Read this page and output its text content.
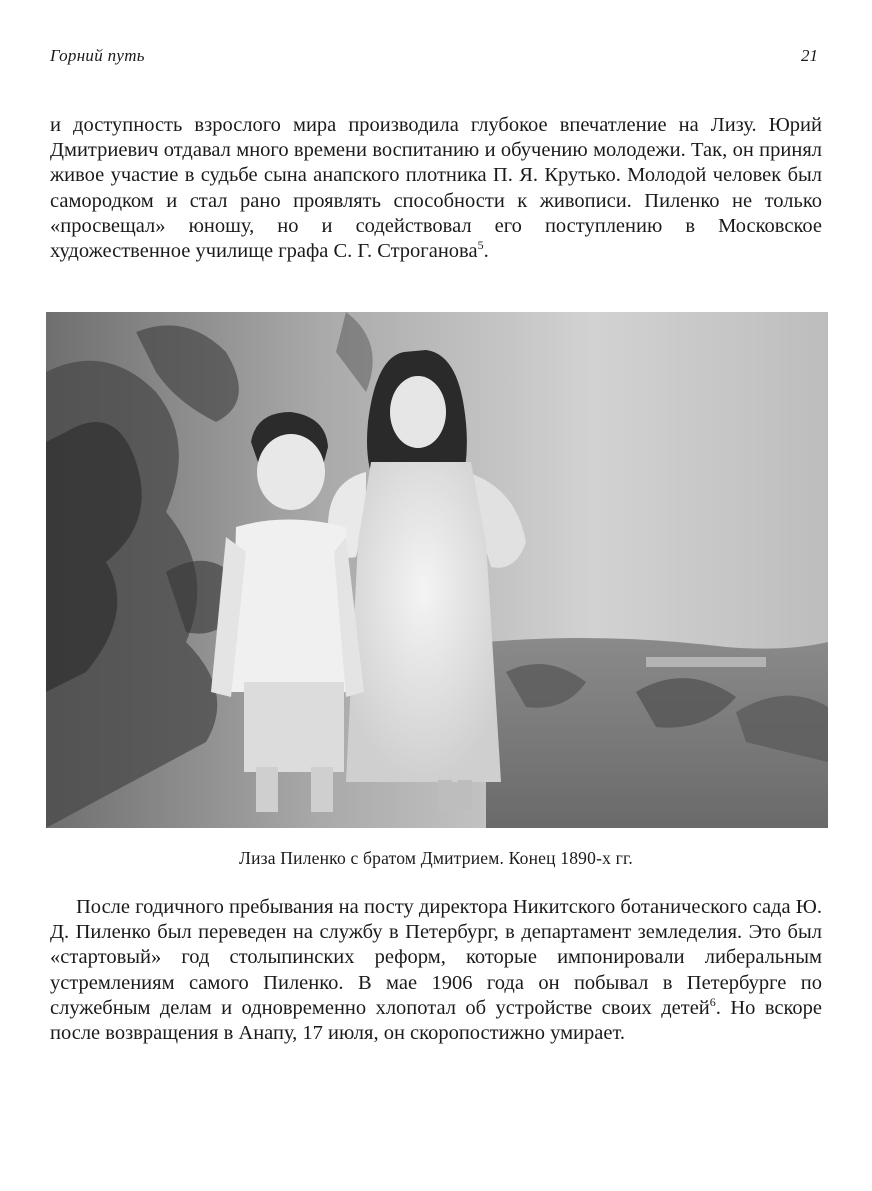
Горний путь	21

и доступность взрослого мира производила глубокое впечатление на Лизу. Юрий Дмитриевич отдавал много времени воспитанию и обучению молодежи. Так, он принял живое участие в судьбе сына анапского плотника П. Я. Крутько. Молодой человек был самородком и стал рано проявлять способности к живописи. Пиленко не только «просвещал» юношу, но и содействовал его поступлению в Московское художественное училище графа С. Г. Строганова$^5$.

Лиза Пиленко с братом Дмитрием. Конец 1890-х гг.

После годичного пребывания на посту директора Никитского ботанического сада Ю. Д. Пиленко был переведен на службу в Петербург, в департамент земледелия. Это был «стартовый» год столыпинских реформ, которые импонировали либеральным устремлениям самого Пиленко. В мае 1906 года он побывал в Петербурге по служебным делам и одновременно хлопотал об устройстве своих детей$^6$. Но вскоре после возвращения в Анапу, 17 июля, он скоропостижно умирает.
